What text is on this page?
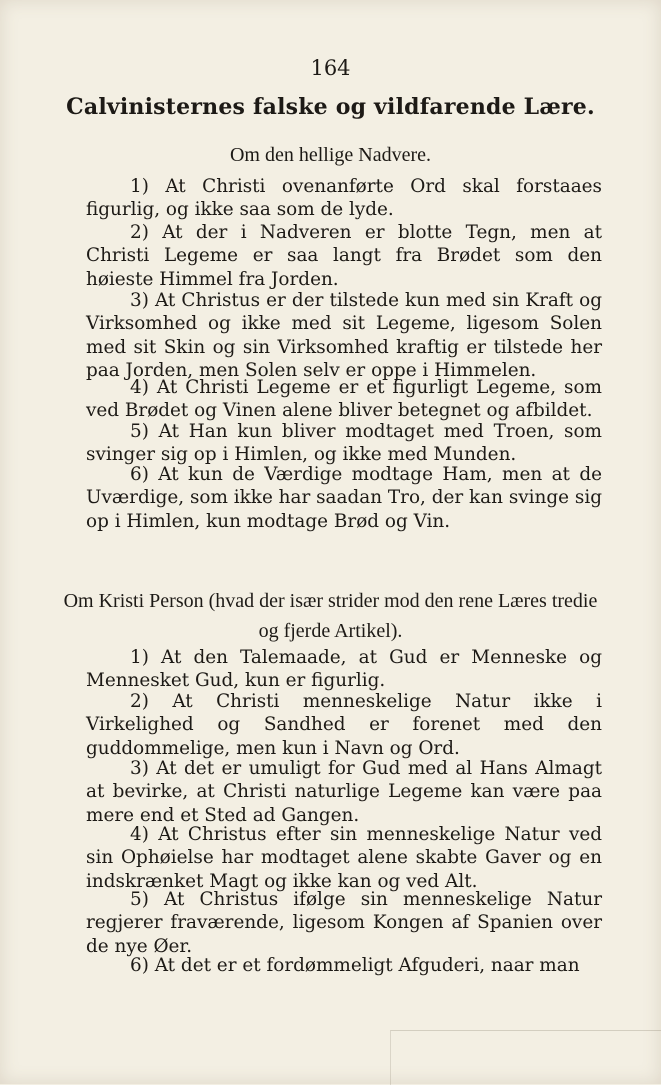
164
Calvinisternes falske og vildfarende Lære.
Om den hellige Nadvere.

1) At Christi ovenanførte Ord skal forstaaes figurlig, og ikke saa som de lyde.

2) At der i Nadveren er blotte Tegn, men at Christi Legeme er saa langt fra Brødet som den høieste Himmel fra Jorden.

3) At Christus er der tilstede kun med sin Kraft og Virksomhed og ikke med sit Legeme, ligesom Solen med sit Skin og sin Virksomhed kraftig er tilstede her paa Jorden, men Solen selv er oppe i Himmelen.

4) At Christi Legeme er et figurligt Legeme, som ved Brødet og Vinen alene bliver betegnet og afbildet.

5) At Han kun bliver modtaget med Troen, som svinger sig op i Himlen, og ikke med Munden.

6) At kun de Værdige modtage Ham, men at de Uværdige, som ikke har saadan Tro, der kan svinge sig op i Himlen, kun modtage Brød og Vin.

Om Kristi Person (hvad der især strider mod den rene Læres tredie og fjerde Artikel).

1) At den Talemaade, at Gud er Menneske og Mennesket Gud, kun er figurlig.

2) At Christi menneskelige Natur ikke i Virkelighed og Sandhed er forenet med den guddommelige, men kun i Navn og Ord.

3) At det er umuligt for Gud med al Hans Almagt at bevirke, at Christi naturlige Legeme kan være paa mere end et Sted ad Gangen.

4) At Christus efter sin menneskelige Natur ved sin Ophøielse har modtaget alene skabte Gaver og en indskrænket Magt og ikke kan og ved Alt.

5) At Christus ifølge sin menneskelige Natur regjerer fraværende, ligesom Kongen af Spanien over de nye Øer.

6) At det er et fordømmeligt Afguderi, naar man
